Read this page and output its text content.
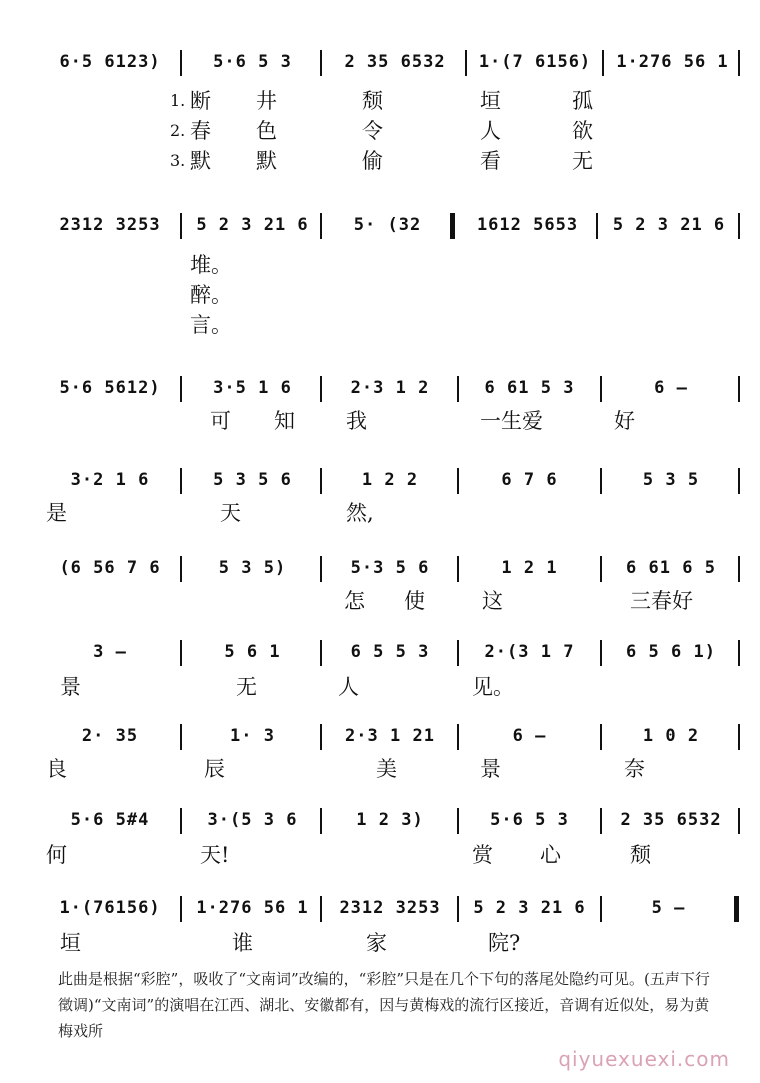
6·5 6123)	5·6 5 3	2 35 6532	1·(7 6156)	1·276 56 1
1. 断 井	颓	垣	孤
2. 春 色	令	人	欲
3. 默 默	偷	看	无
2312 3253	5 2 3 21 6	5· (32	1612 5653	5 2 3 21 6
堆。
醉。
言。
5·6 5612)	3·5 1 6	2·3 1 2	6 61 5 3	6 —
可 知 我	一生爱	好
3·2 1 6	5 3 5 6	1 2 2	6 7 6	5 3 5
是	天	然,
(6 56 7 6	5 3 5)	5·3 5 6	1 2 1	6 61 6 5
怎 使	这	三春好
3 —	5 6 1	6 5 5 3	2·(3 1 7	6 5 6 1)
景	无	人	见。
2· 35	1· 3	2·3 1 21	6 —	1 0 2
良	辰	美	景	奈
5·6 5#4	3·(5 3 6	1 2 3)	5·6 5 3	2 35 6532
何	天!	赏 心	颓
1·(76156)	1·276 56 1	2312 3253	5 2 3 21 6	5 —
垣	谁	家	院?
此曲是根据“彩腔”，吸收了“文南词”改编的，“彩腔”只是在几个下句的落尾处隐约可见。(五声下行徵调)“文南词”的演唱在江西、湖北、安徽都有，因与黄梅戏的流行区接近，音调有近似处，易为黄梅戏所
qiyuexuexi.com
